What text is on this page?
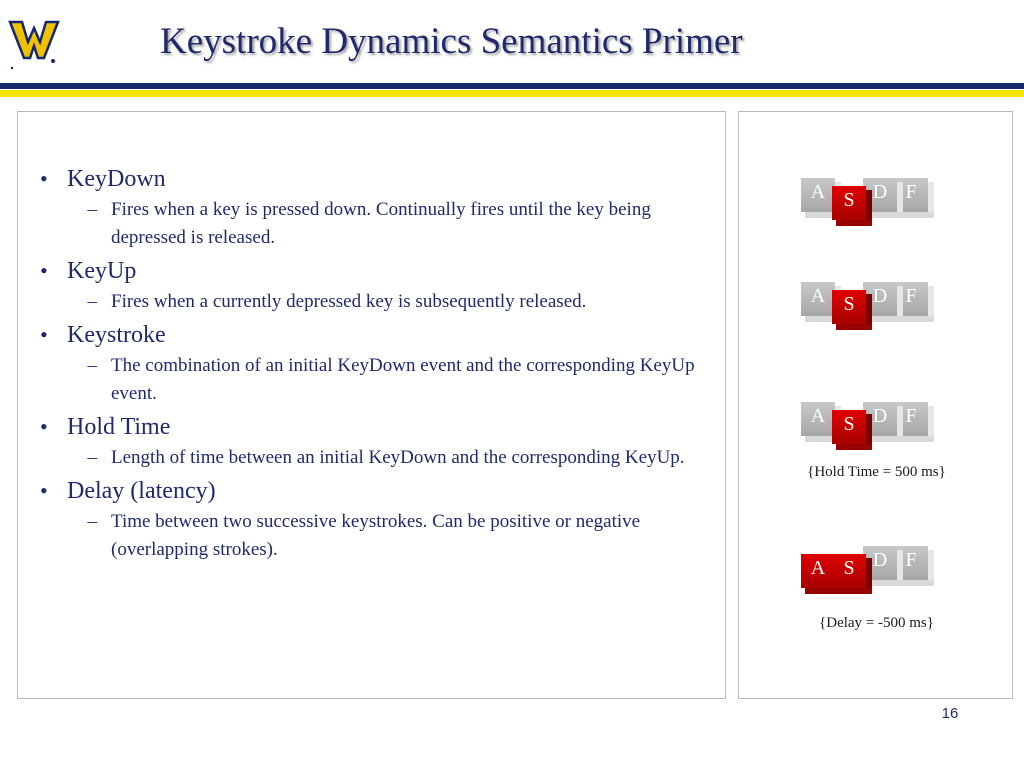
Keystroke Dynamics Semantics Primer
• KeyDown
– Fires when a key is pressed down. Continually fires until the key being depressed is released.
• KeyUp
– Fires when a currently depressed key is subsequently released.
• Keystroke
– The combination of an initial KeyDown event and the corresponding KeyUp event.
• Hold Time
– Length of time between an initial KeyDown and the corresponding KeyUp.
• Delay (latency)
– Time between two successive keystrokes. Can be positive or negative (overlapping strokes).
A S D F
A S D F
A S D F
{Hold Time = 500 ms}
A S D F
{Delay = -500 ms}
16
